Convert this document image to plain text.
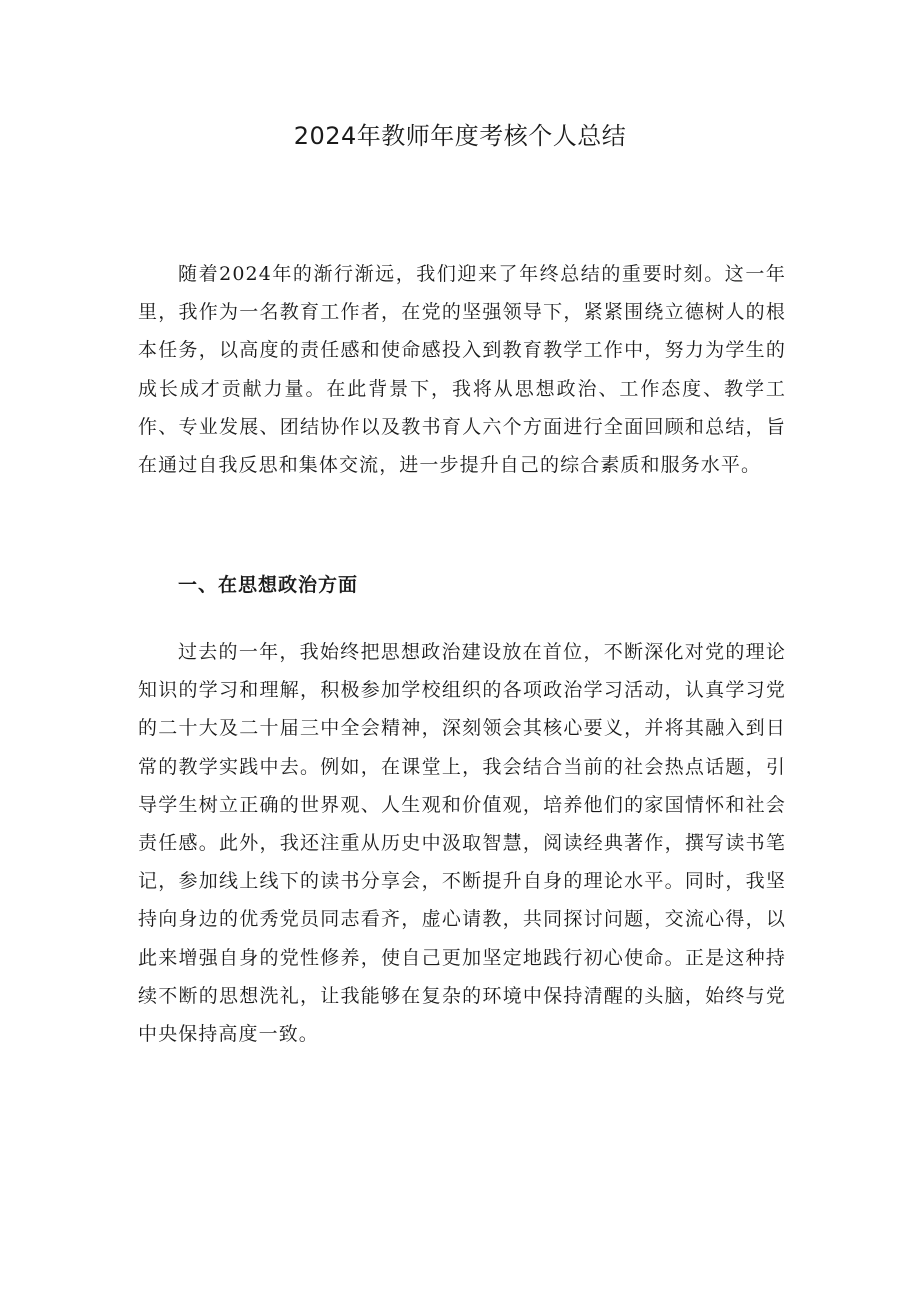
2024年教师年度考核个人总结

随着2024年的渐行渐远，我们迎来了年终总结的重要时刻。这一年里，我作为一名教育工作者，在党的坚强领导下，紧紧围绕立德树人的根本任务，以高度的责任感和使命感投入到教育教学工作中，努力为学生的成长成才贡献力量。在此背景下，我将从思想政治、工作态度、教学工作、专业发展、团结协作以及教书育人六个方面进行全面回顾和总结，旨在通过自我反思和集体交流，进一步提升自己的综合素质和服务水平。

一、在思想政治方面

过去的一年，我始终把思想政治建设放在首位，不断深化对党的理论知识的学习和理解，积极参加学校组织的各项政治学习活动，认真学习党的二十大及二十届三中全会精神，深刻领会其核心要义，并将其融入到日常的教学实践中去。例如，在课堂上，我会结合当前的社会热点话题，引导学生树立正确的世界观、人生观和价值观，培养他们的家国情怀和社会责任感。此外，我还注重从历史中汲取智慧，阅读经典著作，撰写读书笔记，参加线上线下的读书分享会，不断提升自身的理论水平。同时，我坚持向身边的优秀党员同志看齐，虚心请教，共同探讨问题，交流心得，以此来增强自身的党性修养，使自己更加坚定地践行初心使命。正是这种持续不断的思想洗礼，让我能够在复杂的环境中保持清醒的头脑，始终与党中央保持高度一致。
